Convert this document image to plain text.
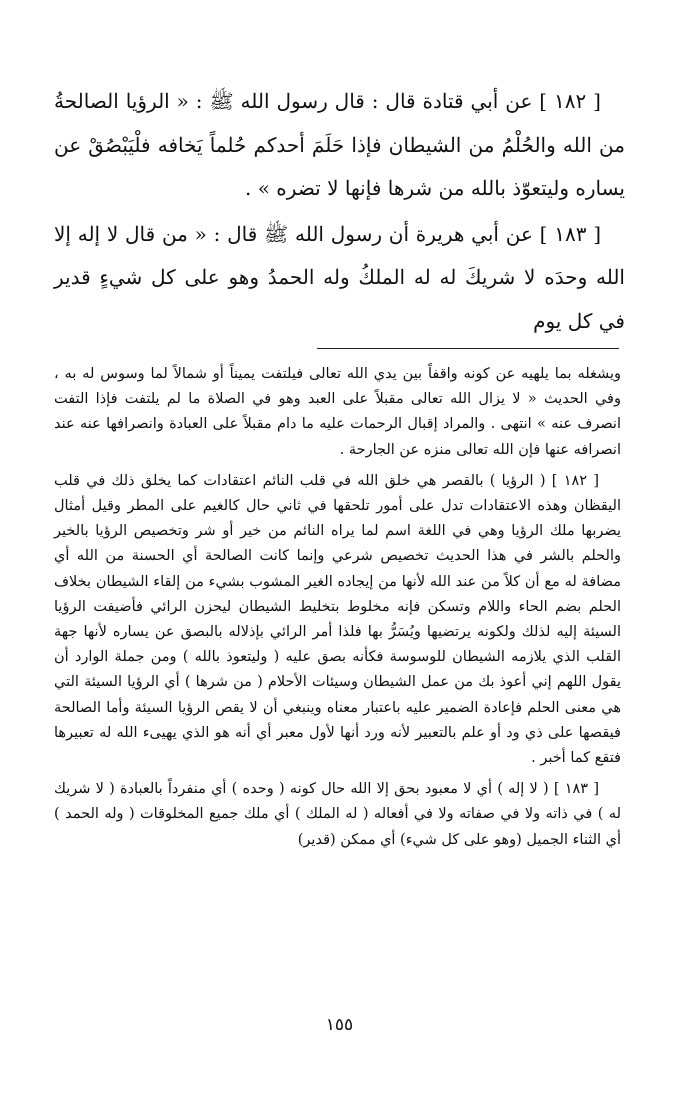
[ ١٨٢ ] عن أبي قتادة قال : قال رسول الله ﷺ : « الرؤيا الصالحةُ من الله والحُلْمُ من الشيطان فإذا حَلَمَ أحدكم حُلماً يَخافه فلْيَبْصُقْ عن يساره وليتعوّذ بالله من شرها فإنها لا تضره » .

[ ١٨٣ ] عن أبي هريرة أن رسول الله ﷺ قال : « من قال لا إله إلا الله وحدَه لا شريكَ له له الملكُ وله الحمدُ وهو على كل شيءٍ قدير في كل يوم

ويشغله بما يلهيه عن كونه واقفاً بين يدي الله تعالى فيلتفت يميناً أو شمالاً لما وسوس له به ، وفي الحديث « لا يزال الله تعالى مقبلاً على العبد وهو في الصلاة ما لم يلتفت فإذا التفت انصرف عنه » انتهى . والمراد إقبال الرحمات عليه ما دام مقبلاً على العبادة وانصرافها عنه عند انصرافه عنها فإن الله تعالى منزه عن الجارحة .

[ ١٨٢ ] ( الرؤيا ) بالقصر هي خلق الله في قلب النائم اعتقادات كما يخلق ذلك في قلب اليقظان وهذه الاعتقادات تدل على أمور تلحقها في ثاني حال كالغيم على المطر وقيل أمثال يضربها ملك الرؤيا وهي في اللغة اسم لما يراه النائم من خير أو شر وتخصيص الرؤيا بالخير والحلم بالشر في هذا الحديث تخصيص شرعي وإنما كانت الصالحة أي الحسنة من الله أي مضافة له مع أن كلاً من عند الله لأنها من إيجاده الغير المشوب بشيء من إلقاء الشيطان بخلاف الحلم بضم الحاء واللام وتسكن فإنه مخلوط بتخليط الشيطان ليحزن الرائي فأضيفت الرؤيا السيئة إليه لذلك ولكونه يرتضيها ويُسَرُّ بها فلذا أمر الرائي بإذلاله بالبصق عن يساره لأنها جهة القلب الذي يلازمه الشيطان للوسوسة فكأنه بصق عليه ( وليتعوذ بالله ) ومن جملة الوارد أن يقول اللهم إني أعوذ بك من عمل الشيطان وسيئات الأحلام ( من شرها ) أي الرؤيا السيئة التي هي معنى الحلم فإعادة الضمير عليه باعتبار معناه وينبغي أن لا يقص الرؤيا السيئة وأما الصالحة فيقصها على ذي ود أو علم بالتعبير لأنه ورد أنها لأول معبر أي أنه هو الذي يهيىء الله له تعبيرها فتقع كما أخبر .

[ ١٨٣ ] ( لا إله ) أي لا معبود بحق إلا الله حال كونه ( وحده ) أي منفرداً بالعبادة ( لا شريك له ) في ذاته ولا في صفاته ولا في أفعاله ( له الملك ) أي ملك جميع المخلوقات ( وله الحمد ) أي الثناء الجميل (وهو على كل شيء) أي ممكن (قدير)

١٥٥
